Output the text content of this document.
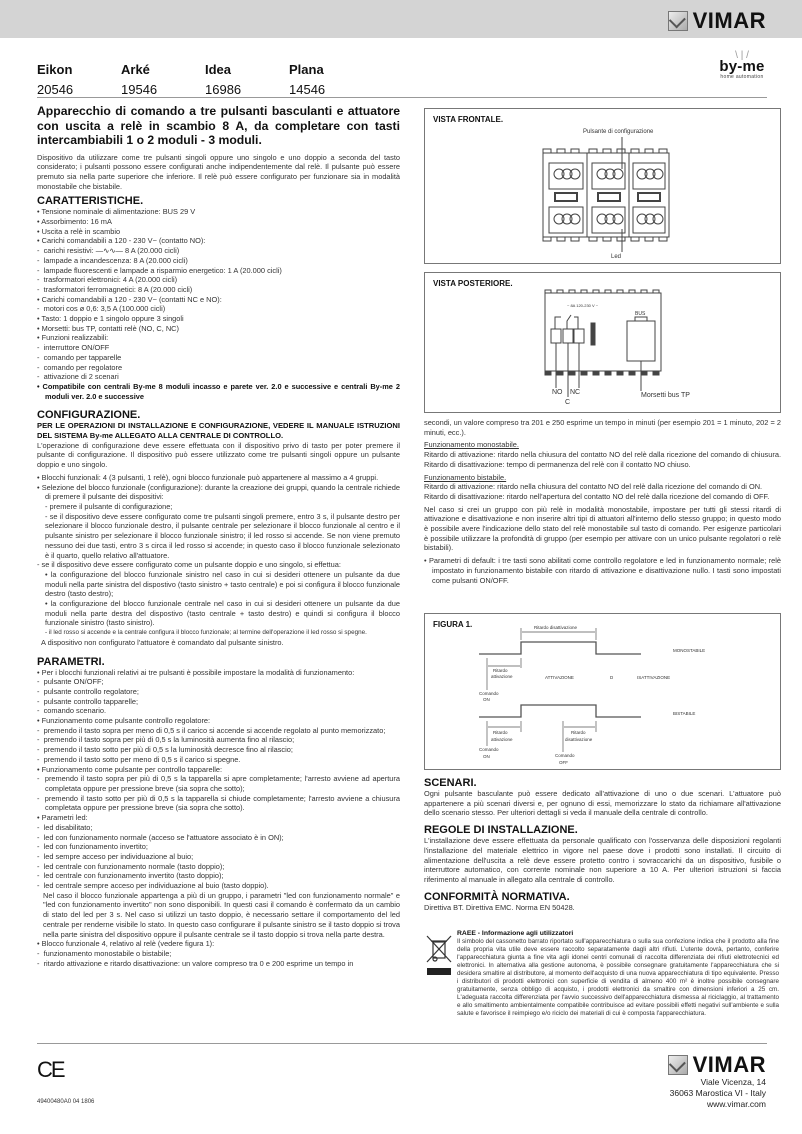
VIMAR
Eikon	Arké	Idea	Plana
20546	19546	16986	14546
\ | /
by-me
home automation
Apparecchio di comando a tre pulsanti basculanti e attuatore con uscita a relè in scambio 8 A, da completare con tasti intercambiabili 1 o 2 moduli - 3 moduli.
Dispositivo da utilizzare come tre pulsanti singoli oppure uno singolo e uno doppio a seconda del tasto considerato; i pulsanti possono essere configurati anche indipendentemente dal relè. Il pulsante può essere premuto sia nella parte superiore che inferiore. Il relè può essere configurato per funzionare sia in modalità monostabile che bistabile.
CARATTERISTICHE.
• Tensione nominale di alimentazione: BUS 29 V
• Assorbimento: 16 mA
• Uscita a relè in scambio
• Carichi comandabili a 120 - 230 V~ (contatto NO):
- carichi resistivi: —∿∿— 8 A (20.000 cicli)
- lampade a incandescenza: 8 A (20.000 cicli)
- lampade fluorescenti e lampade a risparmio energetico: 1 A (20.000 cicli)
- trasformatori elettronici: 4 A (20.000 cicli)
- trasformatori ferromagnetici: 8 A (20.000 cicli)
• Carichi comandabili a 120 - 230 V~ (contatti NC e NO):
- motori cos ø 0,6: 3,5 A (100.000 cicli)
• Tasto: 1 doppio e 1 singolo oppure 3 singoli
• Morsetti: bus TP, contatti relè (NO, C, NC)
• Funzioni realizzabili:
- interruttore ON/OFF
- comando per tapparelle
- comando per regolatore
- attivazione di 2 scenari
• Compatibile con centrali By-me 8 moduli incasso e parete ver. 2.0 e successive e centrali By-me 2 moduli ver. 2.0 e successive
CONFIGURAZIONE.
PER LE OPERAZIONI DI INSTALLAZIONE E CONFIGURAZIONE, VEDERE IL MANUALE ISTRUZIONI DEL SISTEMA By-me ALLEGATO ALLA CENTRALE DI CONTROLLO.
L'operazione di configurazione deve essere effettuata con il dispositivo privo di tasto per poter premere il pulsante di configurazione. Il dispositivo può essere utilizzato come tre pulsanti singoli oppure un pulsante doppio e uno singolo.
• Blocchi funzionali: 4 (3 pulsanti, 1 relè), ogni blocco funzionale può appartenere al massimo a 4 gruppi.
• Selezione del blocco funzionale (configurazione): durante la creazione dei gruppi, quando la centrale richiede di premere il pulsante dei dispositivi:
- premere il pulsante di configurazione;
- se il dispositivo deve essere configurato come tre pulsanti singoli premere, entro 3 s, il pulsante destro per selezionare il blocco funzionale destro, il pulsante centrale per selezionare il blocco funzionale al centro e il pulsante sinistro per selezionare il blocco funzionale sinistro; il led rosso si accende. Se non viene premuto nessuno dei due tasti, entro 3 s circa il led rosso si accende; in questo caso il blocco funzionale selezionato è il quarto, quello relativo all'attuatore.
- se il dispositivo deve essere configurato come un pulsante doppio e uno singolo, si effettua:
• la configurazione del blocco funzionale sinistro nel caso in cui si desideri ottenere un pulsante da due moduli nella parte sinistra del dispostivo (tasto sinistro + tasto centrale) e poi si configura il blocco funzionale destro (tasto destro);
• la configurazione del blocco funzionale centrale nel caso in cui si desideri ottenere un pulsante da due moduli nella parte destra del dispostivo (tasto centrale + tasto destro) e quindi si configura il blocco funzionale sinistro (tasto sinistro).
- il led rosso si accende e la centrale configura il blocco funzionale; al termine dell'operazione il led rosso si spegne.
A dispositivo non configurato l'attuatore è comandato dal pulsante sinistro.
PARAMETRI.
• Per i blocchi funzionali relativi ai tre pulsanti è possibile impostare la modalità di funzionamento:
- pulsante ON/OFF;
- pulsante controllo regolatore;
- pulsante controllo tapparelle;
- comando scenario.
• Funzionamento come pulsante controllo regolatore:
- premendo il tasto sopra per meno di 0,5 s il carico si accende si accende regolato al punto memorizzato;
- premendo il tasto sopra per più di 0,5 s la luminosità aumenta fino al rilascio;
- premendo il tasto sotto per più di 0,5 s la luminosità decresce fino al rilascio;
- premendo il tasto sotto per meno di 0,5 s il carico si spegne.
• Funzionamento come pulsante per controllo tapparelle:
- premendo il tasto sopra per più di 0,5 s la tapparella si apre completamente; l'arresto avviene ad apertura completata oppure per pressione breve (sia sopra che sotto);
- premendo il tasto sotto per più di 0,5 s la tapparella si chiude completamente; l'arresto avviene a chiusura completata oppure per pressione breve (sia sopra che sotto).
• Parametri led:
- led disabilitato;
- led con funzionamento normale (acceso se l'attuatore associato è in ON);
- led con funzionamento invertito;
- led sempre acceso per individuazione al buio;
- led centrale con funzionamento normale (tasto doppio);
- led centrale con funzionamento invertito (tasto doppio);
- led centrale sempre acceso per individuazione al buio (tasto doppio).
Nel caso il blocco funzionale appartenga a più di un gruppo, i parametri "led con funzionamento normale" e "led con funzionamento invertito" non sono disponibili. In questi casi il comando è confermato da un cambio di stato del led per 3 s. Nel caso si utilizzi un tasto doppio, è necessario settare il comportamento del led centrale per renderne visibile lo stato. In questo caso configurare il pulsante sinistro se il tasto doppio si trova nella parte sinistra del dispositivo oppure il pulsante centrale se il tasto doppio si trova nella parte destra.
• Blocco funzionale 4, relativo al relè (vedere figura 1):
- funzionamento monostabile o bistabile;
- ritardo attivazione e ritardo disattivazione: un valore compreso tra 0 e 200 esprime un tempo in
VISTA FRONTALE.
Pulsante di configurazione
Led
VISTA POSTERIORE.
~ 8A 120-230 V ~
BUS
NO NC
C
Morsetti bus TP
secondi, un valore compreso tra 201 e 250 esprime un tempo in minuti (per esempio 201 = 1 minuto, 202 = 2 minuti, ecc.).
Funzionamento monostabile.
Ritardo di attivazione: ritardo nella chiusura del contatto NO del relè dalla ricezione del comando di chiusura. Ritardo di disattivazione: tempo di permanenza del relè con il contatto NO chiuso.
Funzionamento bistabile.
Ritardo di attivazione: ritardo nella chiusura del contatto NO del relè dalla ricezione del comando di ON.
Ritardo di disattivazione: ritardo nell'apertura del contatto NO del relè dalla ricezione del comando di OFF.
Nel caso si crei un gruppo con più relè in modalità monostabile, impostare per tutti gli stessi ritardi di attivazione e disattivazione e non inserire altri tipi di attuatori all'interno dello stesso gruppo; in questo modo è possibile avere l'indicazione dello stato del relè monostabile sul tasto di comando. Per esigenze particolari è possibile utilizzare la profondità di gruppo (per esempio per attivare con un unico pulsante regolatori o relè bistabili).
• Parametri di default: i tre tasti sono abilitati come controllo regolatore e led in funzionamento normale; relè impostato in funzionamento bistabile con ritardo di attivazione e disattivazione nullo. I tasti sono impostati come pulsanti ON/OFF.
FIGURA 1.	Ritardo disattivazione
MONOSTABILE
Ritardo
attivazione	ATTIVAZIONE	D	ISATTIVAZIONE
Comando
ON
BISTABILE
Ritardo
attivazione
Ritardo
disattivazione
Comando
ON	Comando
OFF
SCENARI.
Ogni pulsante basculante può essere dedicato all'attivazione di uno o due scenari. L'attuatore può appartenere a più scenari diversi e, per ognuno di essi, memorizzare lo stato da richiamare all'attivazione dello scenario stesso. Per ulteriori dettagli si veda il manuale della centrale di controllo.
REGOLE DI INSTALLAZIONE.
L'installazione deve essere effettuata da personale qualificato con l'osservanza delle disposizioni regolanti l'installazione del materiale elettrico in vigore nel paese dove i prodotti sono installati. Il circuito di alimentazione dell'uscita a relè deve essere protetto contro i sovraccarichi da un dispositivo, fusibile o interruttore automatico, con corrente nominale non superiore a 10 A. Per ulteriori istruzioni si faccia riferimento al manuale in allegato alla centrale di controllo.
CONFORMITÀ NORMATIVA.
Direttiva BT. Direttiva EMC. Norma EN 50428.
RAEE - Informazione agli utilizzatori
Il simbolo del cassonetto barrato riportato sull'apparecchiatura o sulla sua confezione indica che il prodotto alla fine della propria vita utile deve essere raccolto separatamente dagli altri rifiuti. L'utente dovrà, pertanto, conferire l'apparecchiatura giunta a fine vita agli idonei centri comunali di raccolta differenziata dei rifiuti elettrotecnici ed elettronici. In alternativa alla gestione autonoma, è possibile consegnare gratuitamente l'apparecchiatura che si desidera smaltire al distributore, al momento dell'acquisto di una nuova apparecchiatura di tipo equivalente. Presso i distributori di prodotti elettronici con superficie di vendita di almeno 400 m² è inoltre possibile consegnare gratuitamente, senza obbligo di acquisto, i prodotti elettronici da smaltire con dimensioni inferiori a 25 cm. L'adeguata raccolta differenziata per l'avvio successivo dell'apparecchiatura dismessa al riciclaggio, al trattamento e allo smaltimento ambientalmente compatibile contribuisce ad evitare possibili effetti negativi sull'ambiente e sulla salute e favorisce il reimpiego e/o riciclo dei materiali di cui è composta l'apparecchiatura.
CE
49400480A0 04 1806
VIMAR
Viale Vicenza, 14
36063 Marostica VI - Italy
www.vimar.com
